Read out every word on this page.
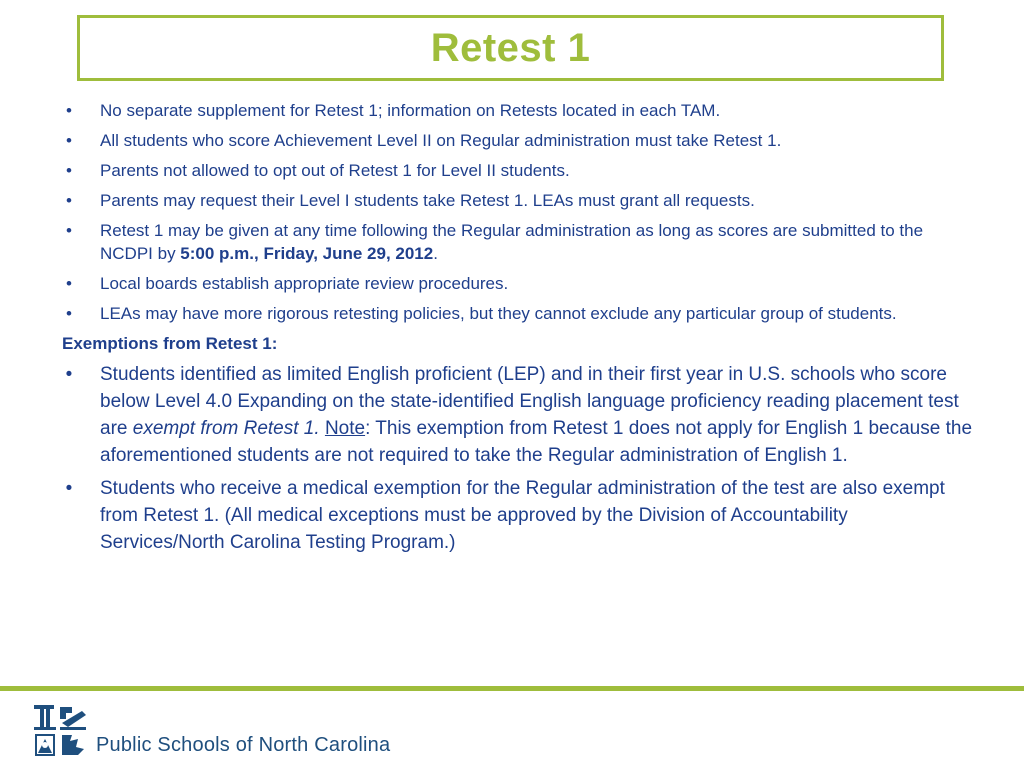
Retest 1
• No separate supplement for Retest 1; information on Retests located in each TAM.
• All students who score Achievement Level II on Regular administration must take Retest 1.
• Parents not allowed to opt out of Retest 1 for Level II students.
• Parents may request their Level I students take Retest 1. LEAs must grant all requests.
• Retest 1 may be given at any time following the Regular administration as long as scores are submitted to the NCDPI by 5:00 p.m., Friday, June 29, 2012.
• Local boards establish appropriate review procedures.
• LEAs may have more rigorous retesting policies, but they cannot exclude any particular group of students.
Exemptions from Retest 1:
• Students identified as limited English proficient (LEP) and in their first year in U.S. schools who score below Level 4.0 Expanding on the state-identified English language proficiency reading placement test are exempt from Retest 1. Note: This exemption from Retest 1 does not apply for English 1 because the aforementioned students are not required to take the Regular administration of English 1.
• Students who receive a medical exemption for the Regular administration of the test are also exempt from Retest 1. (All medical exceptions must be approved by the Division of Accountability Services/North Carolina Testing Program.)
Public Schools of North Carolina
